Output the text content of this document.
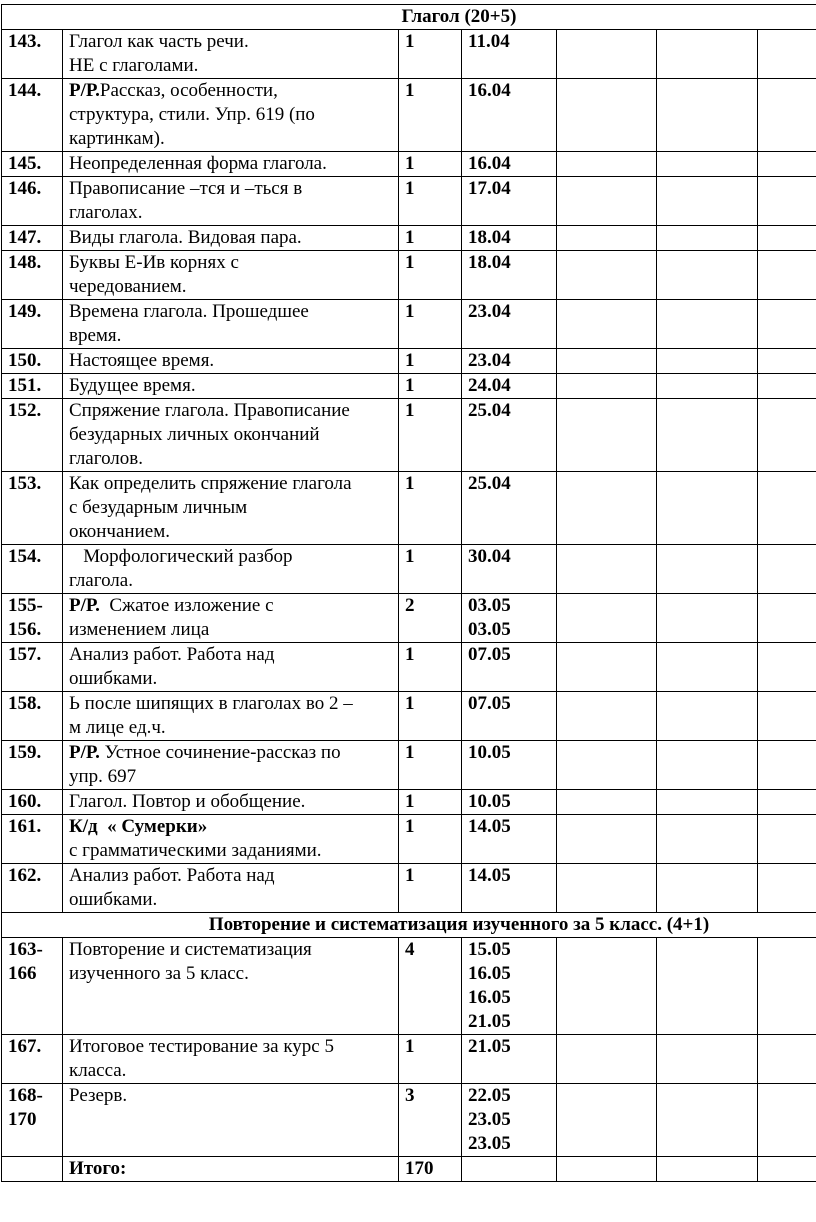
Глагол (20+5)						

143.	Глагол как часть речи.
НЕ с глаголами.	1	11.04			

144.	Р/Р.Рассказ, особенности,
структура, стили. Упр. 619 (по
картинкам).	1	16.04			

145.	Неопределенная форма глагола.	1	16.04			

146.	Правописание –тся и –ться в
глаголах.	1	17.04			

147.	Виды глагола. Видовая пара.	1	18.04			

148.	Буквы Е-Ив корнях с
чередованием.	1	18.04			

149.	Времена глагола. Прошедшее
время.	1	23.04			

150.	Настоящее время.	1	23.04			

151.	Будущее время.	1	24.04			

152.	Спряжение глагола. Правописание
безударных личных окончаний
глаголов.	1	25.04			

153.	Как определить спряжение глагола
с безударным личным
окончанием.	1	25.04			

154.	Морфологический разбор
глагола.	1	30.04			

155-
156.	Р/Р.  Сжатое изложение с
изменением лица	2	03.05
03.05			

157.	Анализ работ. Работа над
ошибками.	1	07.05			

158.	Ь после шипящих в глаголах во 2 –
м лице ед.ч.	1	07.05			

159.	Р/Р. Устное сочинение-рассказ по
упр. 697	1	10.05			

160.	Глагол. Повтор и обобщение.	1	10.05			

161.	К/д  « Сумерки»
с грамматическими заданиями.	1	14.05			

162.	Анализ работ. Работа над
ошибками.	1	14.05			

Повторение и систематизация изученного за 5 класс. (4+1)						

163-
166	Повторение и систематизация
изученного за 5 класс.	4	15.05
16.05
16.05
21.05			

167.	Итоговое тестирование за курс 5
класса.	1	21.05			

168-
170	Резерв.	3	22.05
23.05
23.05			

	Итого:	170				
